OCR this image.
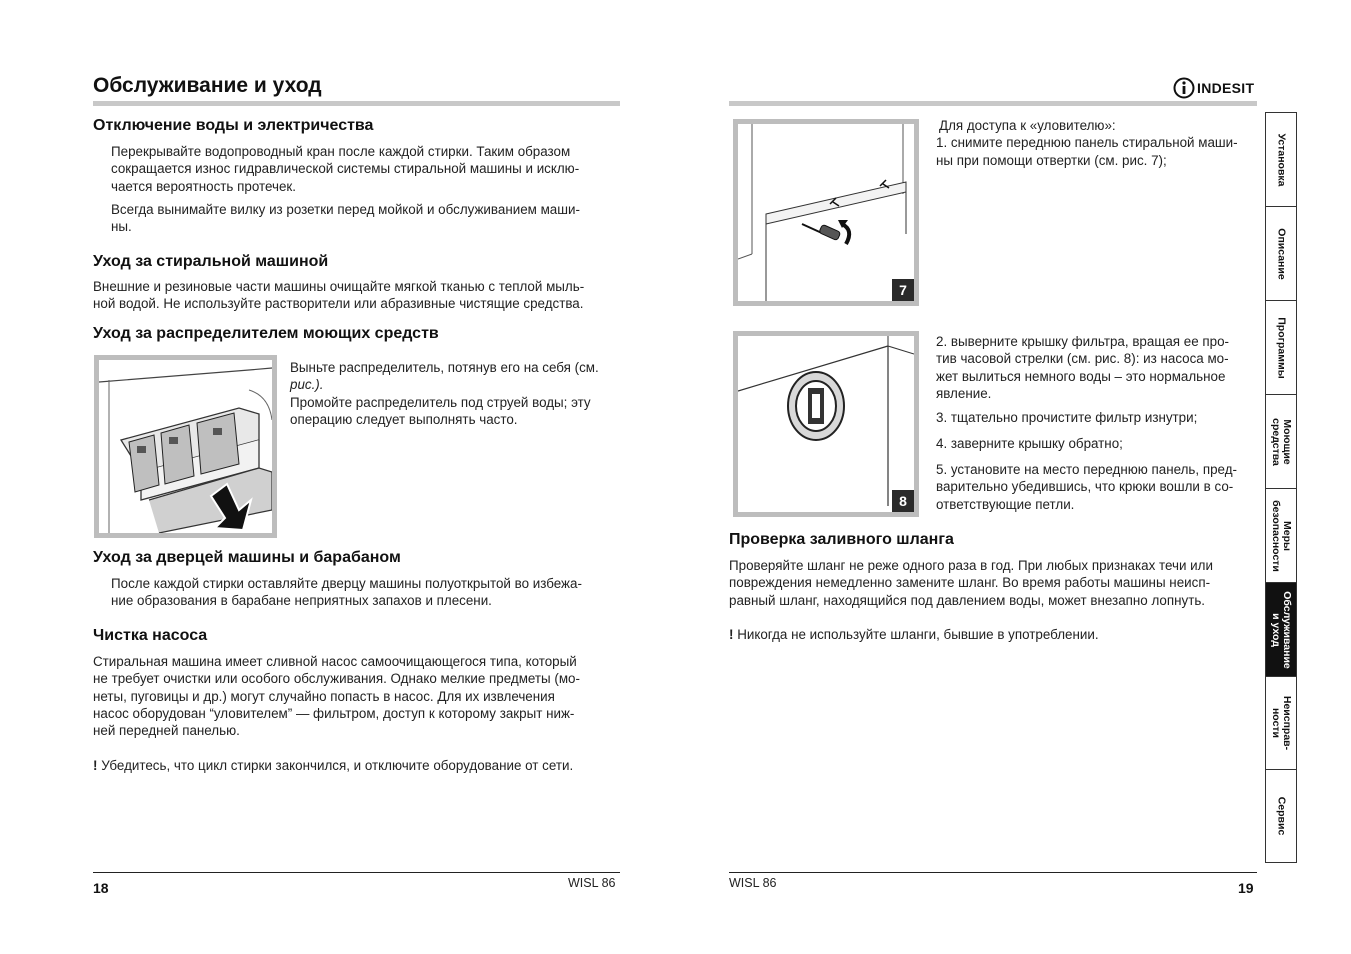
Обслуживание и уход
Отключение воды и электричества
Перекрывайте водопроводный кран после каждой стирки. Таким образом
сокращается износ гидравлической системы стиральной машины и исклю-
чается вероятность протечек.
Всегда вынимайте вилку из розетки перед мойкой и обслуживанием маши-
ны.
Уход за стиральной машиной
Внешние и резиновые части машины очищайте мягкой тканью с теплой мыль-
ной водой. Не используйте растворители или абразивные чистящие средства.
Уход за распределителем моющих средств
Выньте распределитель, потянув его на себя (см.
рис.).
Промойте распределитель под струей воды; эту
операцию следует выполнять часто.
Уход за дверцей машины и барабаном
После каждой стирки оставляйте дверцу машины полуоткрытой во избежа-
ние образования в барабане неприятных запахов и плесени.
Чистка насоса
Стиральная машина имеет сливной насос самоочищающегося типа, который
не требует очистки или особого обслуживания. Однако мелкие предметы (мо-
неты, пуговицы и др.) могут случайно попасть в насос. Для их извлечения
насос оборудован “уловителем” — фильтром, доступ к которому закрыт ниж-
ней передней панелью.
! Убедитесь, что цикл стирки закончился, и отключите оборудование от сети.
18	WISL 86
INDESIT
7
Для доступа к «уловителю»:
1. снимите переднюю панель стиральной маши-
ны при помощи отвертки (см. рис. 7);
8
2. выверните крышку фильтра, вращая ее про-
тив часовой стрелки (см. рис. 8): из насоса мо-
жет вылиться немного воды – это нормальное
явление.
3. тщательно прочистите фильтр изнутри;
4. заверните крышку обратно;
5. установите на место переднюю панель, пред-
варительно убедившись, что крюки вошли в со-
ответствующие петли.
Проверка заливного шланга
Проверяйте шланг не реже одного раза в год. При любых признаках течи или
повреждения немедленно замените шланг. Во время работы машины неисп-
равный шланг, находящийся под давлением воды, может внезапно лопнуть.
! Никогда не используйте шланги, бывшие в употреблении.
WISL 86	19
Установка
Описание
Программы
Моющие
средства
Меры
безопасности
Обслуживание
и уход
Неисправ-
ности
Сервис
